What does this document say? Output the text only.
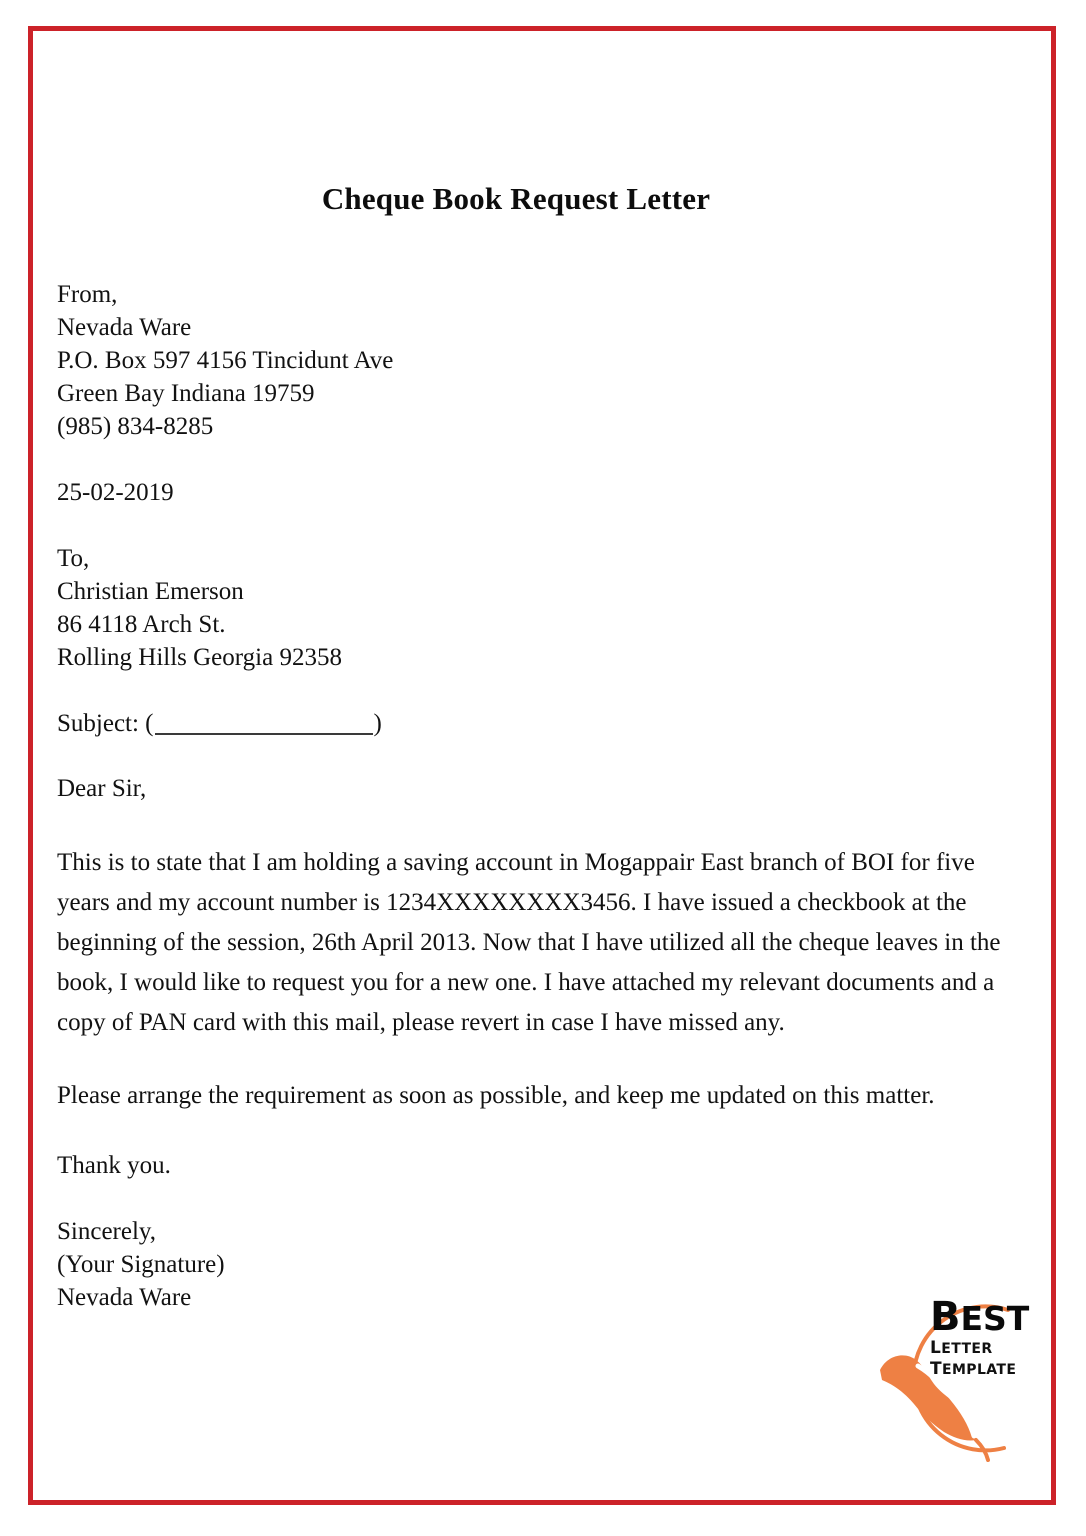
Cheque Book Request Letter
From,
Nevada Ware
P.O. Box 597 4156 Tincidunt Ave
Green Bay Indiana 19759
(985) 834-8285
25-02-2019
To,
Christian Emerson
86 4118 Arch St.
Rolling Hills Georgia 92358
Subject: (	)
Dear Sir,

This is to state that I am holding a saving account in Mogappair East branch of BOI for five years and my account number is 1234XXXXXXXX3456. I have issued a checkbook at the beginning of the session, 26th April 2013. Now that I have utilized all the cheque leaves in the book, I would like to request you for a new one. I have attached my relevant documents and a copy of PAN card with this mail, please revert in case I have missed any.

Please arrange the requirement as soon as possible, and keep me updated on this matter.

Thank you.
Sincerely,
(Your Signature)
Nevada Ware	BEST
LETTER TEMPLATE
